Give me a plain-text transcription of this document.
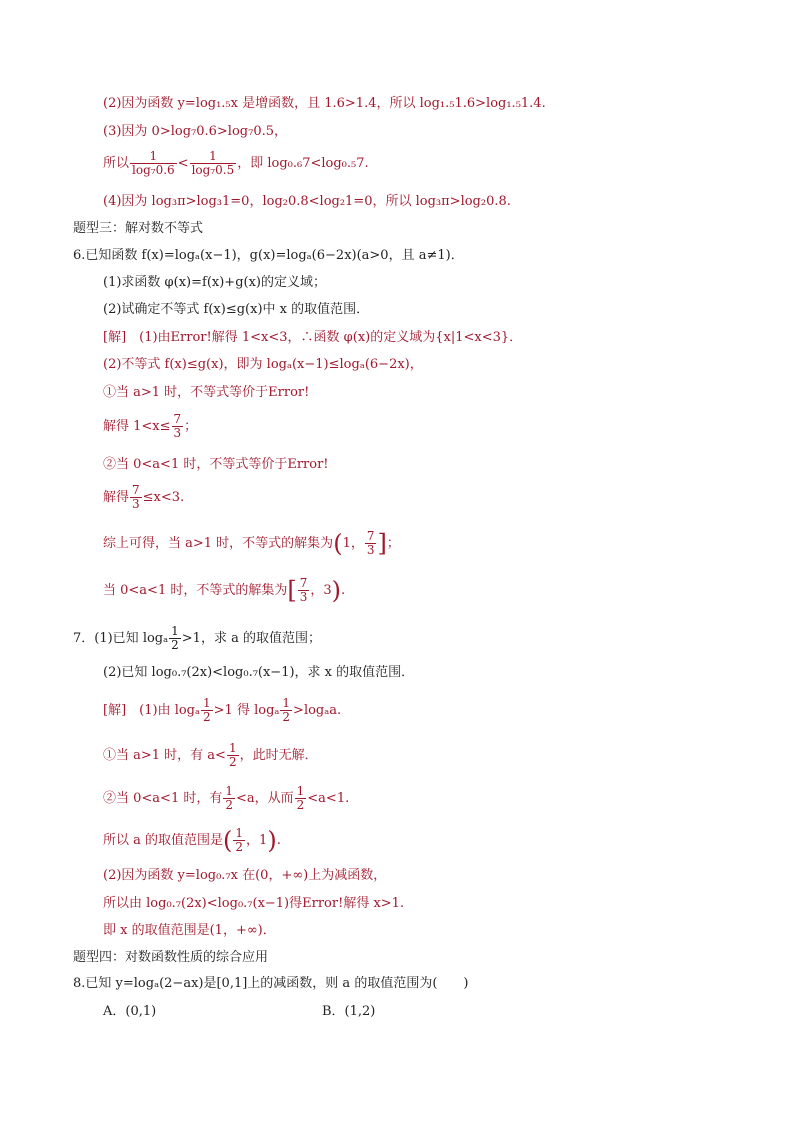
(2)因为函数 y=log₁.₅x 是增函数，且 1.6>1.4，所以 log₁.₅1.6>log₁.₅1.4.
(3)因为 0>log₇0.6>log₇0.5，
所以 $\frac{1}{\text{log₇0.6}} < \frac{1}{\text{log₇0.5}}$ ，即 log₀.₆7<log₀.₅7.
(4)因为 log₃π>log₃1=0，log₂0.8<log₂1=0，所以 log₃π>log₂0.8.
题型三：解对数不等式
6.已知函数 f(x)=logₐ(x−1)，g(x)=logₐ(6−2x)(a>0，且 a≠1)．
(1)求函数 φ(x)=f(x)+g(x)的定义域；
(2)试确定不等式 f(x)≤g(x)中 x 的取值范围．
[解]　(1)由Error!解得 1<x<3，∴函数 φ(x)的定义域为{x|1<x<3}．
(2)不等式 f(x)≤g(x)，即为 logₐ(x−1)≤logₐ(6−2x)，
①当 a>1 时，不等式等价于Error!
解得 $1<x\le \frac{7}{3}$ ；
②当 0<a<1 时，不等式等价于Error!
解得 $\frac{7}{3} \le x<3$.
综上可得，当 a>1 时，不等式的解集为(1， $\frac{7}{3}$ ]；
当 0<a<1 时，不等式的解集为[ $\frac{7}{3}$ ，3).
7．(1)已知 logₐ $\frac{1}{2} >1$，求 a 的取值范围；
(2)已知 log₀.₇(2x)<log₀.₇(x−1)，求 x 的取值范围．
[解]　(1)由 logₐ $\frac{1}{2} >1$ 得 logₐ $\frac{1}{2} >\log_aa$.
①当 a>1 时，有 $a< \frac{1}{2}$ ，此时无解．
②当 0<a<1 时，有 $\frac{1}{2} <a$，从而 $\frac{1}{2} <a<1$.
所以 a 的取值范围是( $\frac{1}{2}$ ，1).
(2)因为函数 y=log₀.₇x 在(0，+∞)上为减函数，
所以由 log₀.₇(2x)<log₀.₇(x−1)得Error!解得 x>1.
即 x 的取值范围是(1，+∞)．
题型四：对数函数性质的综合应用
8.已知 y=logₐ(2−ax)是[0,1]上的减函数，则 a 的取值范围为(　　)
A．(0,1)	B．(1,2)
